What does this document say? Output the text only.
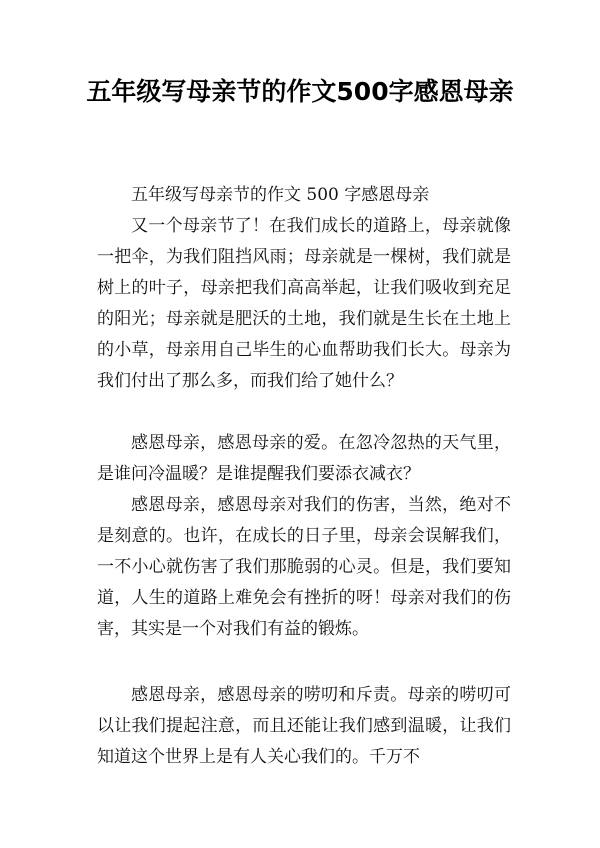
五年级写母亲节的作文500字感恩母亲

五年级写母亲节的作文 500 字感恩母亲

又一个母亲节了！在我们成长的道路上，母亲就像一把伞，为我们阻挡风雨；母亲就是一棵树，我们就是树上的叶子，母亲把我们高高举起，让我们吸收到充足的阳光；母亲就是肥沃的土地，我们就是生长在土地上的小草，母亲用自己毕生的心血帮助我们长大。母亲为我们付出了那么多，而我们给了她什么？

感恩母亲，感恩母亲的爱。在忽冷忽热的天气里，是谁问冷温暖？是谁提醒我们要添衣减衣？

感恩母亲，感恩母亲对我们的伤害，当然，绝对不是刻意的。也许，在成长的日子里，母亲会误解我们，一不小心就伤害了我们那脆弱的心灵。但是，我们要知道，人生的道路上难免会有挫折的呀！母亲对我们的伤害，其实是一个对我们有益的锻炼。

感恩母亲，感恩母亲的唠叨和斥责。母亲的唠叨可以让我们提起注意，而且还能让我们感到温暖，让我们知道这个世界上是有人关心我们的。千万不
